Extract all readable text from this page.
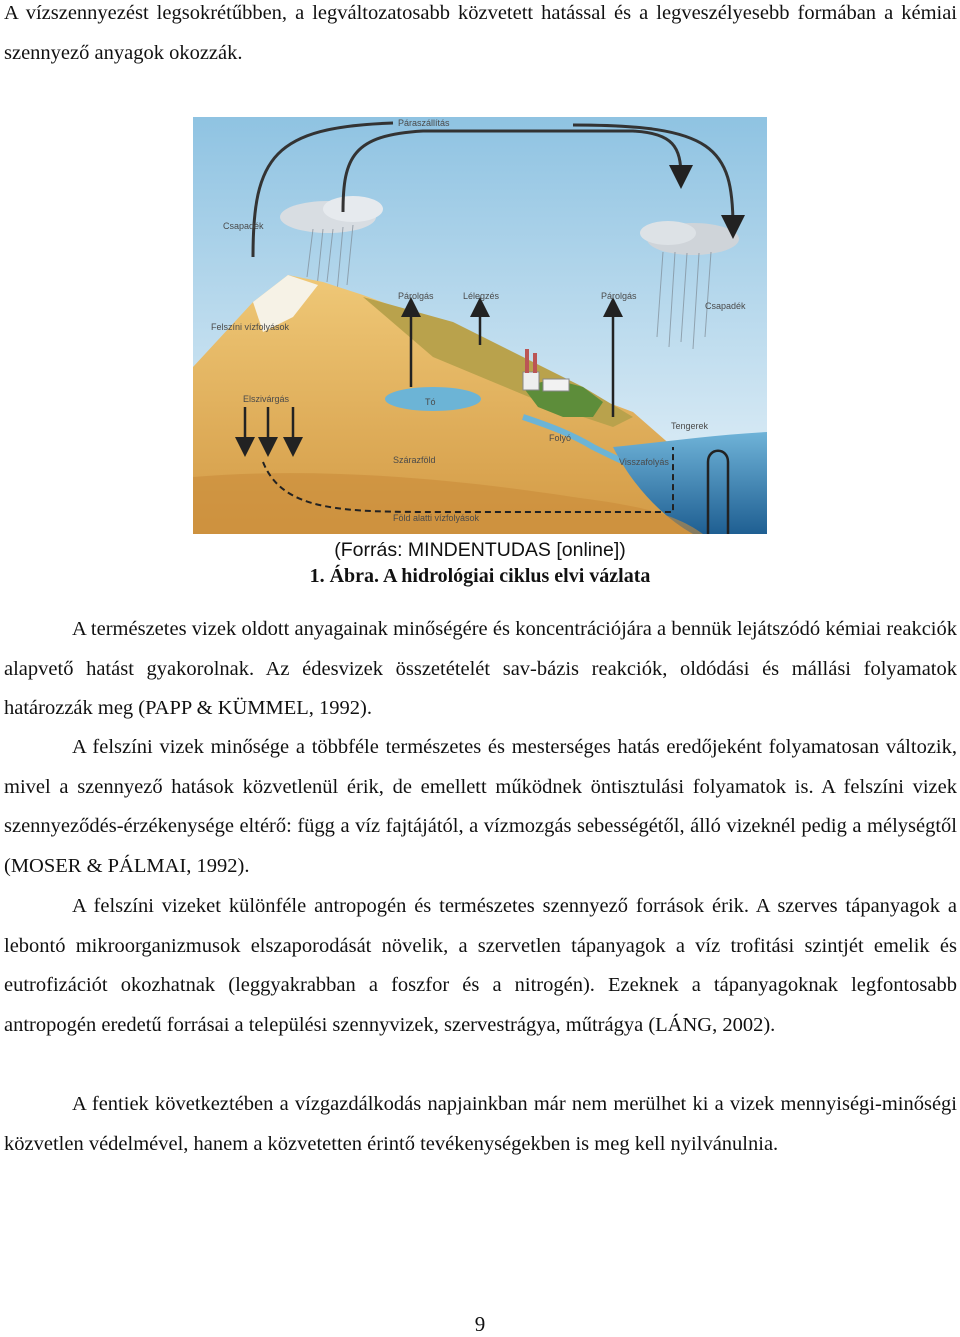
A vízszennyezést legsokrétűbben, a legváltozatosabb közvetett hatással és a legveszélyesebb formában a kémiai szennyező anyagok okozzák.

Páraszállítás
Csapadék
Csapadék
Párolgás	Lélegzés	Párolgás
Felszíni vízfolyások
Elszivárgás	Tó
Tengerek
Folyó
Visszafolyás
Szárazföld
Föld alatti vízfolyások

(Forrás: MINDENTUDAS [online])

1. Ábra. A hidrológiai ciklus elvi vázlata

A természetes vizek oldott anyagainak minőségére és koncentrációjára a bennük lejátszódó kémiai reakciók alapvető hatást gyakorolnak. Az édesvizek összetételét sav-bázis reakciók, oldódási és mállási folyamatok határozzák meg (PAPP & KÜMMEL, 1992).

A felszíni vizek minősége a többféle természetes és mesterséges hatás eredőjeként folyamatosan változik, mivel a szennyező hatások közvetlenül érik, de emellett működnek öntisztulási folyamatok is. A felszíni vizek szennyeződés-érzékenysége eltérő: függ a víz fajtájától, a vízmozgás sebességétől, álló vizeknél pedig a mélységtől (MOSER & PÁLMAI, 1992).

A felszíni vizeket különféle antropogén és természetes szennyező források érik. A szerves tápanyagok a lebontó mikroorganizmusok elszaporodását növelik, a szervetlen tápanyagok a víz trofitási szintjét emelik és eutrofizációt okozhatnak (leggyakrabban a foszfor és a nitrogén). Ezeknek a tápanyagoknak legfontosabb antropogén eredetű forrásai a települési szennyvizek, szervestrágya, műtrágya (LÁNG, 2002).

A fentiek következtében a vízgazdálkodás napjainkban már nem merülhet ki a vizek mennyiségi-minőségi közvetlen védelmével, hanem a közvetetten érintő tevékenységekben is meg kell nyilvánulnia.

9
